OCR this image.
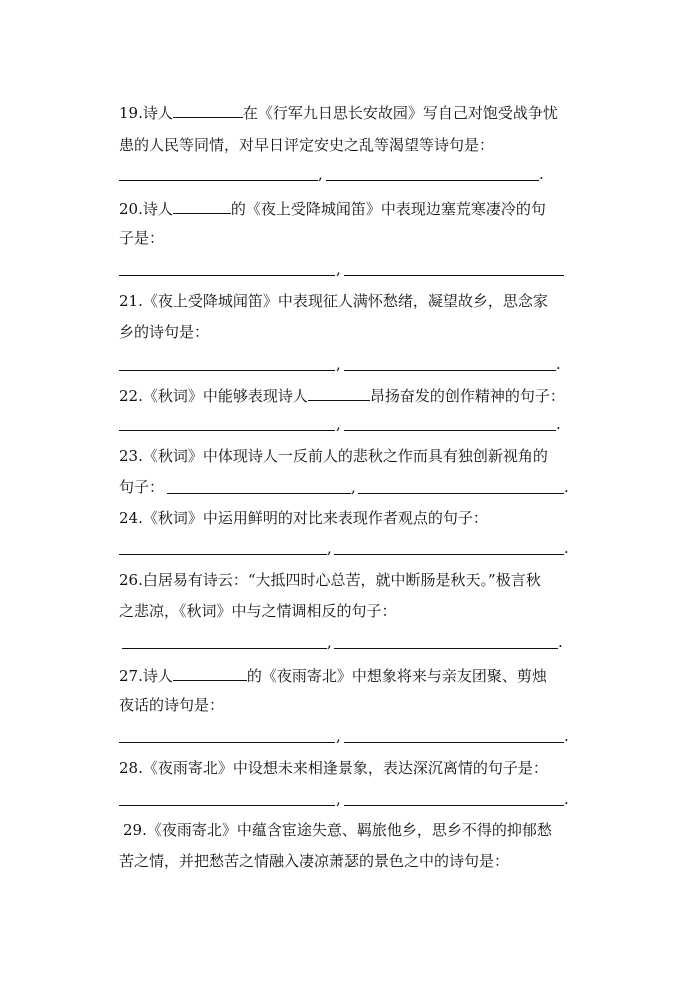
19.诗人	在《行军九日思长安故园》写自己对饱受战争忧
患的人民等同情，对早日评定安史之乱等渴望等诗句是：
,	.
20.诗人	的《夜上受降城闻笛》中表现边塞荒寒凄冷的句
子是：
,
21.《夜上受降城闻笛》中表现征人满怀愁绪，凝望故乡，思念家
乡的诗句是：
,	.
22.《秋词》中能够表现诗人	昂扬奋发的创作精神的句子：
,	.
23.《秋词》中体现诗人一反前人的悲秋之作而具有独创新视角的
句子：	,	.
24.《秋词》中运用鲜明的对比来表现作者观点的句子：
,	.
26.白居易有诗云：“大抵四时心总苦，就中断肠是秋天。”极言秋
之悲凉，《秋词》中与之情调相反的句子：
,	.
27.诗人	的《夜雨寄北》中想象将来与亲友团聚、剪烛
夜话的诗句是：
,	.
28.《夜雨寄北》中设想未来相逢景象，表达深沉离情的句子是：
,	.
29.《夜雨寄北》中蕴含宦途失意、羁旅他乡，思乡不得的抑郁愁
苦之情，并把愁苦之情融入凄凉萧瑟的景色之中的诗句是：
